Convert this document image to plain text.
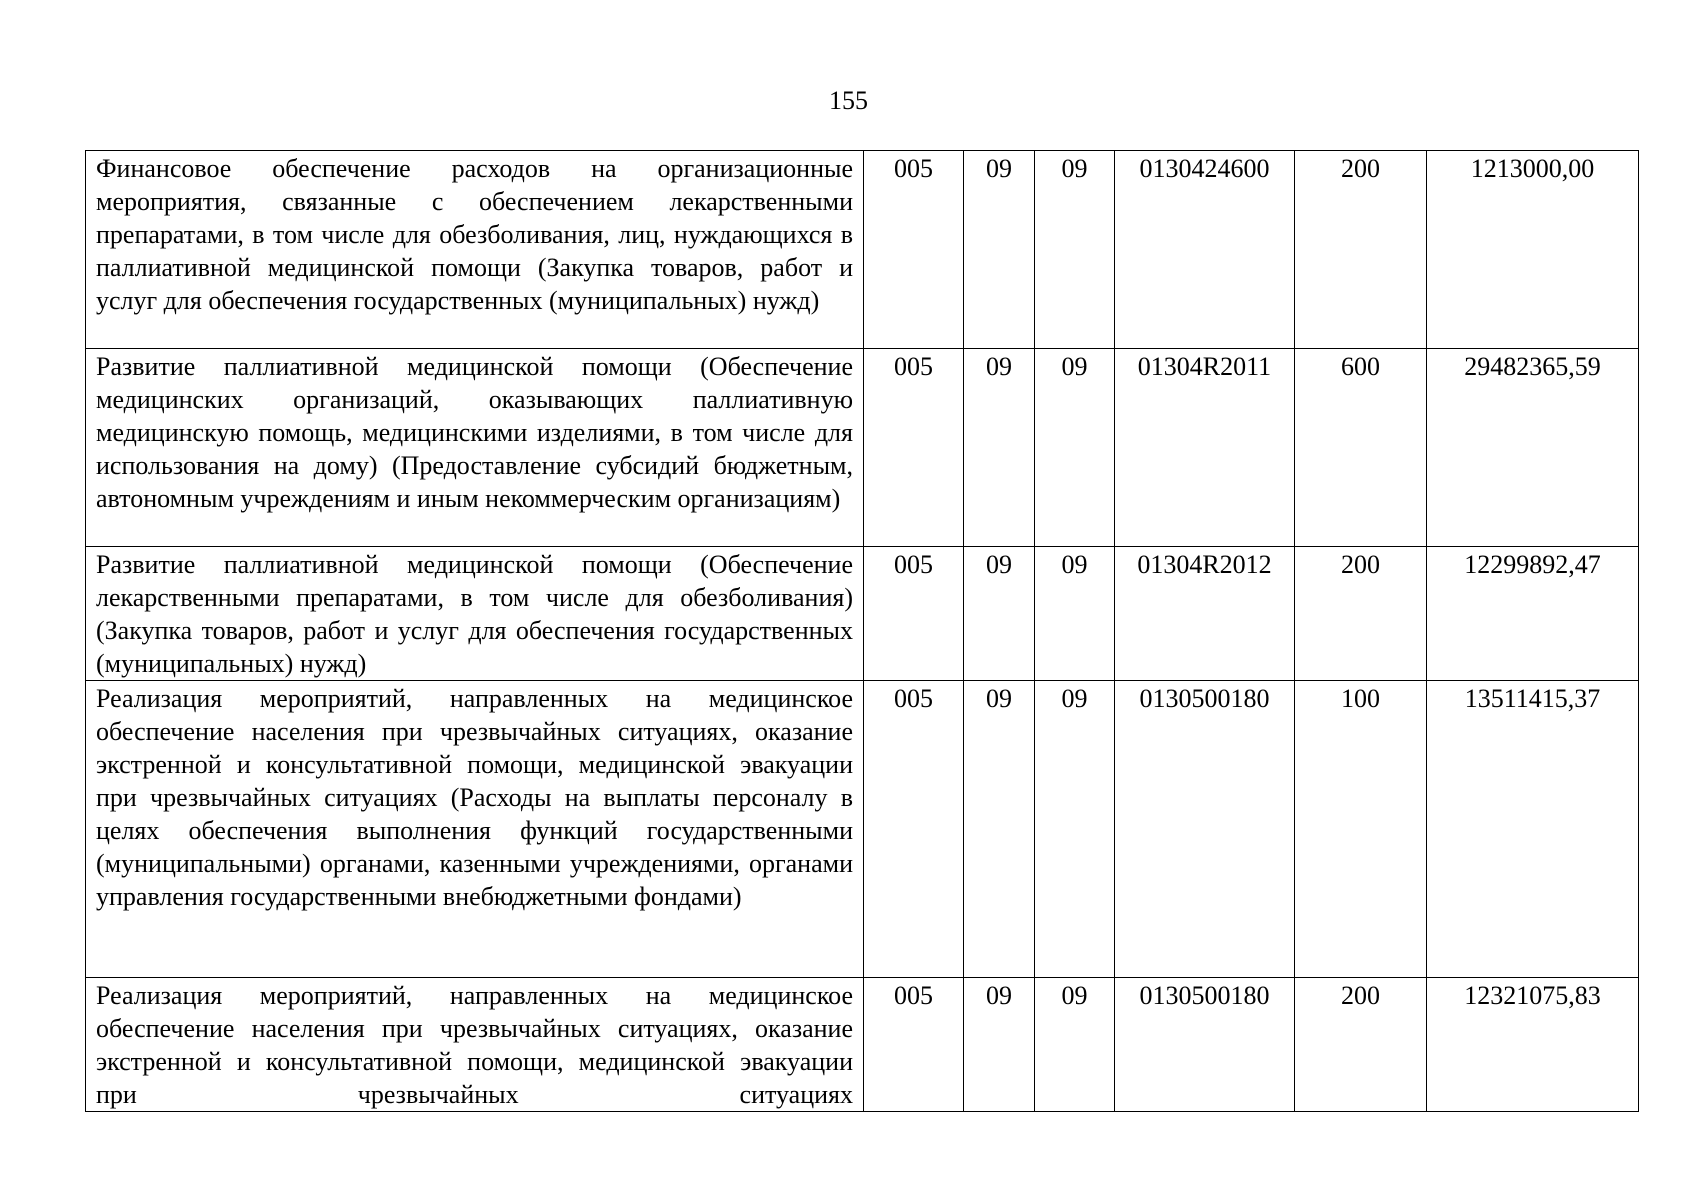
155
Финансовое обеспечение расходов на организационные мероприятия, связанные с обеспечением лекарственными препаратами, в том числе для обезболивания, лиц, нуждающихся в паллиативной медицинской помощи (Закупка товаров, работ и услуг для обеспечения государственных (муниципальных) нужд)	005	09	09	0130424600	200	1213000,00
Развитие паллиативной медицинской помощи (Обеспечение медицинских организаций, оказывающих паллиативную медицинскую помощь, медицинскими изделиями, в том числе для использования на дому) (Предоставление субсидий бюджетным, автономным учреждениям и иным некоммерческим организациям)	005	09	09	01304R2011	600	29482365,59
Развитие паллиативной медицинской помощи (Обеспечение лекарственными препаратами, в том числе для обезболивания) (Закупка товаров, работ и услуг для обеспечения государственных (муниципальных) нужд)	005	09	09	01304R2012	200	12299892,47
Реализация мероприятий, направленных на медицинское обеспечение населения при чрезвычайных ситуациях, оказание экстренной и консультативной помощи, медицинской эвакуации при чрезвычайных ситуациях (Расходы на выплаты персоналу в целях обеспечения выполнения функций государственными (муниципальными) органами, казенными учреждениями, органами управления государственными внебюджетными фондами)	005	09	09	0130500180	100	13511415,37
Реализация мероприятий, направленных на медицинское обеспечение населения при чрезвычайных ситуациях, оказание экстренной и консультативной помощи, медицинской эвакуации при чрезвычайных ситуациях	005	09	09	0130500180	200	12321075,83
